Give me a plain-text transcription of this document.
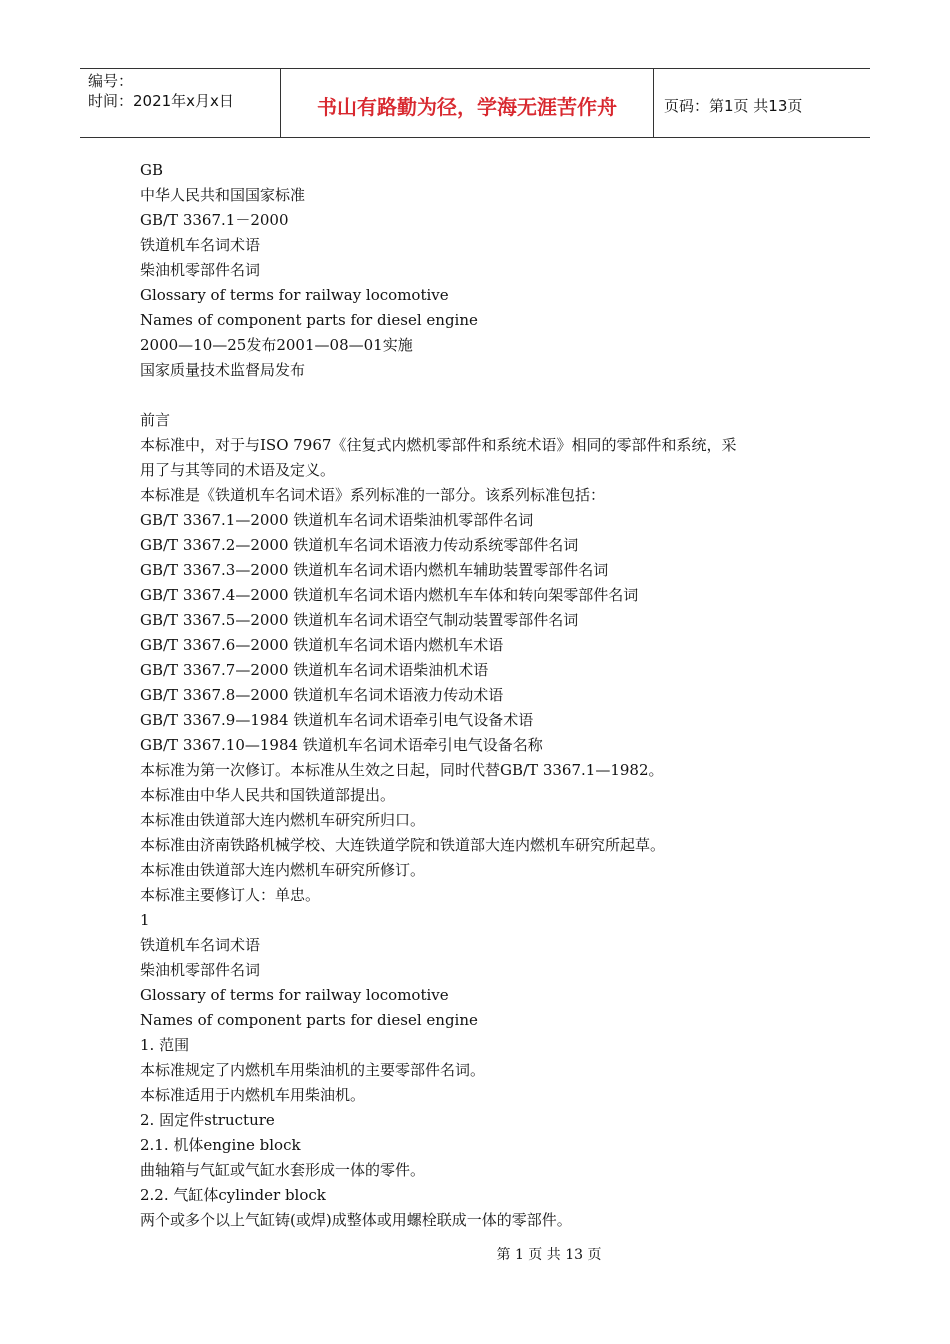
编号：
时间：2021年x月x日	书山有路勤为径，学海无涯苦作舟	页码：第1页 共13页
GB
中华人民共和国国家标准
GB/T 3367.1－2000
铁道机车名词术语
柴油机零部件名词
Glossary of terms for railway locomotive
Names of component parts for diesel engine
2000—10—25发布2001—08—01实施
国家质量技术监督局发布
前言
本标准中，对于与ISO 7967《往复式内燃机零部件和系统术语》相同的零部件和系统，采
用了与其等同的术语及定义。
本标准是《铁道机车名词术语》系列标准的一部分。该系列标准包括：
GB/T 3367.1—2000 铁道机车名词术语柴油机零部件名词
GB/T 3367.2—2000 铁道机车名词术语液力传动系统零部件名词
GB/T 3367.3—2000 铁道机车名词术语内燃机车辅助装置零部件名词
GB/T 3367.4—2000 铁道机车名词术语内燃机车车体和转向架零部件名词
GB/T 3367.5—2000 铁道机车名词术语空气制动装置零部件名词
GB/T 3367.6—2000 铁道机车名词术语内燃机车术语
GB/T 3367.7—2000 铁道机车名词术语柴油机术语
GB/T 3367.8—2000 铁道机车名词术语液力传动术语
GB/T 3367.9—1984 铁道机车名词术语牵引电气设备术语
GB/T 3367.10—1984 铁道机车名词术语牵引电气设备名称
本标准为第一次修订。本标准从生效之日起，同时代替GB/T 3367.1—1982。
本标准由中华人民共和国铁道部提出。
本标准由铁道部大连内燃机车研究所归口。
本标准由济南铁路机械学校、大连铁道学院和铁道部大连内燃机车研究所起草。
本标准由铁道部大连内燃机车研究所修订。
本标准主要修订人：单忠。
1
铁道机车名词术语
柴油机零部件名词
Glossary of terms for railway locomotive
Names of component parts for diesel engine
1. 范围
本标准规定了内燃机车用柴油机的主要零部件名词。
本标准适用于内燃机车用柴油机。
2. 固定件structure
2.1. 机体engine block
曲轴箱与气缸或气缸水套形成一体的零件。
2.2. 气缸体cylinder block
两个或多个以上气缸铸(或焊)成整体或用螺栓联成一体的零部件。
第 1 页 共 13 页
